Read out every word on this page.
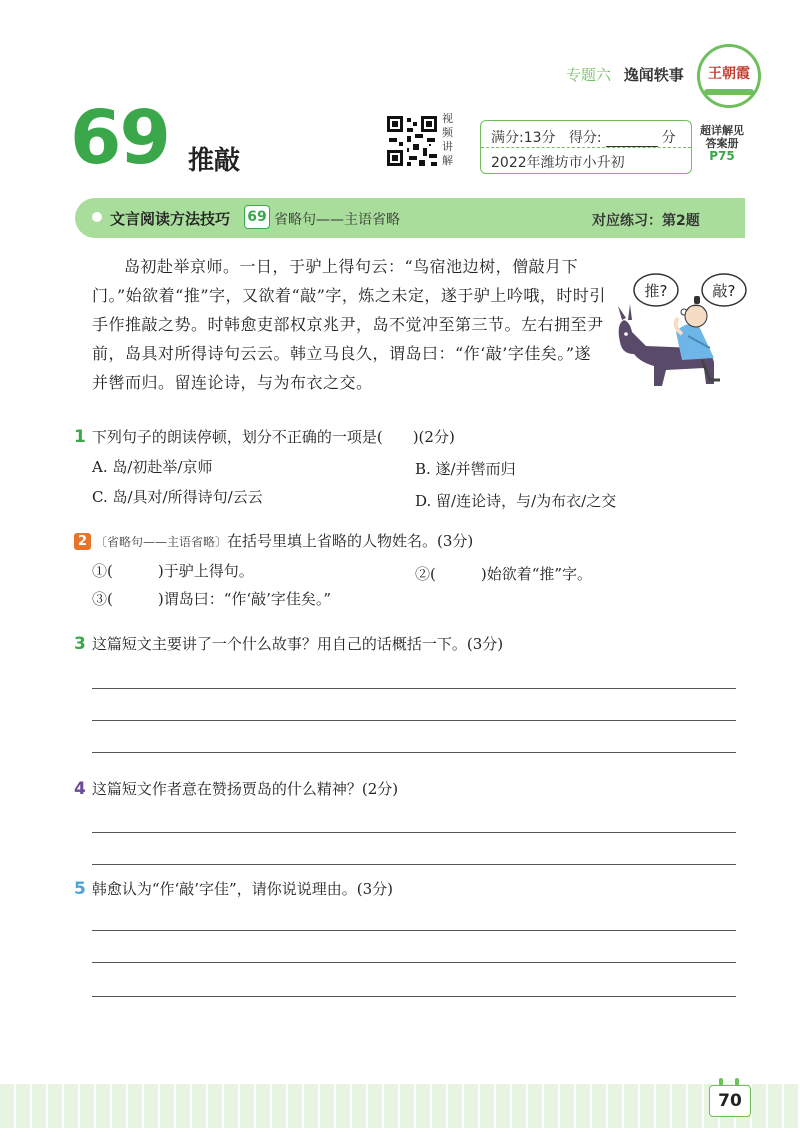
专题六 逸闻轶事	王朝霞
69 推敲
视频讲解
满分:13分 得分:	分
2022年潍坊市小升初
超详解见
答案册
P75
文言阅读方法技巧 69 省略句——主语省略	对应练习：第2题
岛初赴举京师。一日，于驴上得句云：“鸟宿池边树，僧敲月下门。”始欲着“推”字，又欲着“敲”字，炼之未定，遂于驴上吟哦，时时引手作推敲之势。时韩愈吏部权京兆尹，岛不觉冲至第三节。左右拥至尹前，岛具对所得诗句云云。韩立马良久，谓岛曰：“作‘敲’字佳矣。”遂并辔而归。留连论诗，与为布衣之交。
推?	敲?
1 下列句子的朗读停顿，划分不正确的一项是(　　)(2分)
A. 岛/初赴举/京师	B. 遂/并辔而归
C. 岛/具对/所得诗句/云云	D. 留/连论诗，与/为布衣/之交
2 〔省略句——主语省略〕在括号里填上省略的人物姓名。(3分)
①(　　　)于驴上得句。	②(　　　)始欲着“推”字。
③(　　　)谓岛曰：“作‘敲’字佳矣。”
3 这篇短文主要讲了一个什么故事？用自己的话概括一下。(3分)
4 这篇短文作者意在赞扬贾岛的什么精神？(2分)
5 韩愈认为“作‘敲’字佳”，请你说说理由。(3分)
70
